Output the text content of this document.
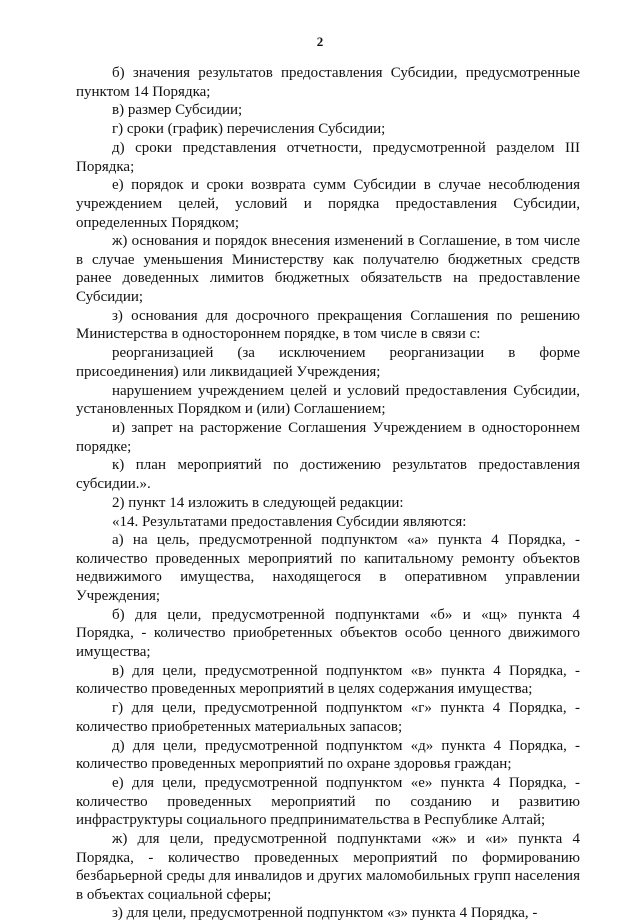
2

б) значения результатов предоставления Субсидии, предусмотренные пунктом 14 Порядка;

в) размер Субсидии;

г) сроки (график) перечисления Субсидии;

д) сроки представления отчетности, предусмотренной разделом III Порядка;

е) порядок и сроки возврата сумм Субсидии в случае несоблюдения учреждением целей, условий и порядка предоставления Субсидии, определенных Порядком;

ж) основания и порядок внесения изменений в Соглашение, в том числе в случае уменьшения Министерству как получателю бюджетных средств ранее доведенных лимитов бюджетных обязательств на предоставление Субсидии;

з) основания для досрочного прекращения Соглашения по решению Министерства в одностороннем порядке, в том числе в связи с:

реорганизацией (за исключением реорганизации в форме присоединения) или ликвидацией Учреждения;

нарушением учреждением целей и условий предоставления Субсидии, установленных Порядком и (или) Соглашением;

и) запрет на расторжение Соглашения Учреждением в одностороннем порядке;

к) план мероприятий по достижению результатов предоставления субсидии.».

2) пункт 14 изложить в следующей редакции:

«14. Результатами предоставления Субсидии являются:

а) на цель, предусмотренной подпунктом «а» пункта 4 Порядка, - количество проведенных мероприятий по капитальному ремонту объектов недвижимого имущества, находящегося в оперативном управлении Учреждения;

б) для цели, предусмотренной подпунктами «б» и «щ» пункта 4 Порядка, - количество приобретенных объектов особо ценного движимого имущества;

в) для цели, предусмотренной подпунктом «в» пункта 4 Порядка, - количество проведенных мероприятий в целях содержания имущества;

г) для цели, предусмотренной подпунктом «г» пункта 4 Порядка, - количество приобретенных материальных запасов;

д) для цели, предусмотренной подпунктом «д» пункта 4 Порядка, - количество проведенных мероприятий по охране здоровья граждан;

е) для цели, предусмотренной подпунктом «е» пункта 4 Порядка, - количество проведенных мероприятий по созданию и развитию инфраструктуры социального предпринимательства в Республике Алтай;

ж) для цели, предусмотренной подпунктами «ж» и «и» пункта 4 Порядка, - количество проведенных мероприятий по формированию безбарьерной среды для инвалидов и других маломобильных групп населения в объектах социальной сферы;

з) для цели, предусмотренной подпунктом «з» пункта 4 Порядка, -
